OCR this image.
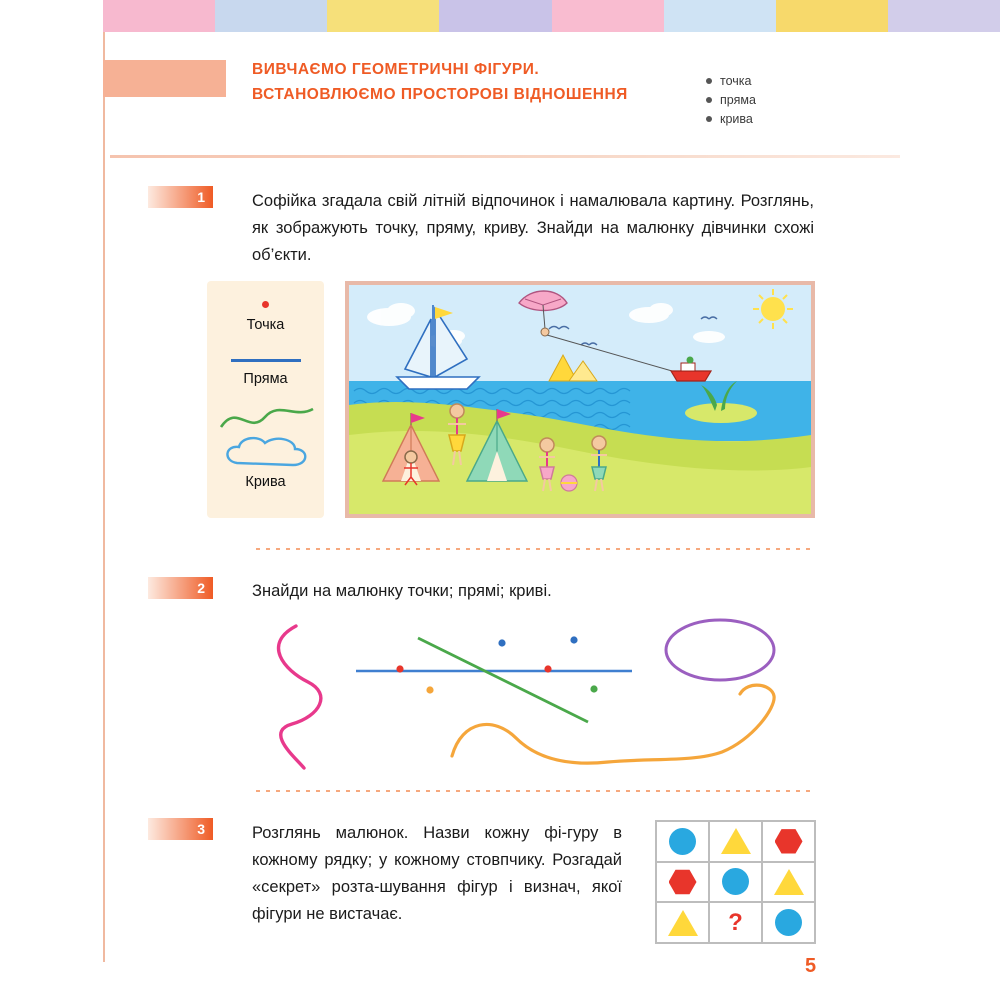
ВИВЧАЄМО ГЕОМЕТРИЧНІ ФІГУРИ. ВСТАНОВЛЮЄМО ПРОСТОРОВІ ВІДНОШЕННЯ
точка
пряма
крива
1	Софійка згадала свій літній відпочинок і намалювала картину. Розглянь, як зображують точку, пряму, криву. Знайди на малюнку дівчинки схожі об’єкти.
Точка
Пряма
Крива
2	Знайди на малюнку точки; прямі; криві.
3	Розглянь малюнок. Назви кожну фі-гуру в кожному рядку; у кожному стовпчику. Розгадай «секрет» розта-шування фігур і визнач, якої фігури не вистачає.	?
5
